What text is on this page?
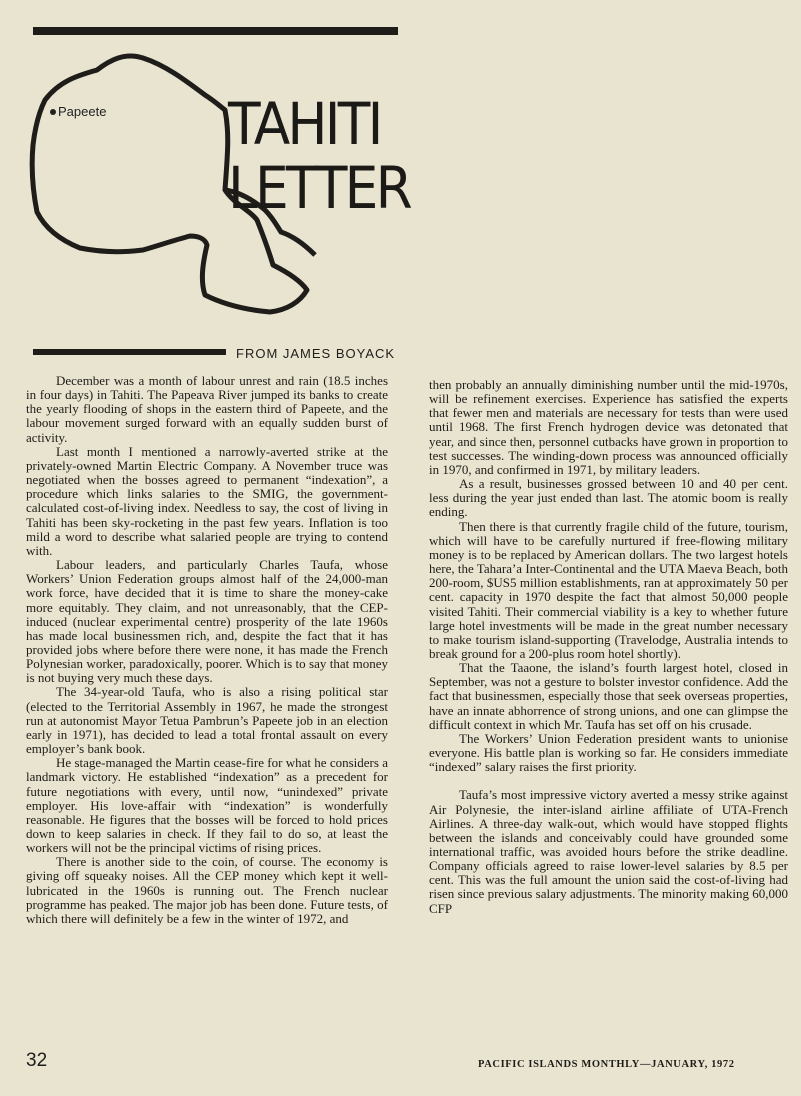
Papeete TAHITI
LETTER
FROM JAMES BOYACK

December was a month of labour unrest and rain (18.5 inches in four days) in Tahiti. The Papeava River jumped its banks to create the yearly flooding of shops in the eastern third of Papeete, and the labour movement surged forward with an equally sudden burst of activity.

Last month I mentioned a narrowly-averted strike at the privately-owned Martin Electric Company. A November truce was negotiated when the bosses agreed to permanent “indexation”, a procedure which links salaries to the SMIG, the government-calculated cost-of-living index. Needless to say, the cost of living in Tahiti has been sky-rocketing in the past few years. Inflation is too mild a word to describe what salaried people are trying to contend with.

Labour leaders, and particularly Charles Taufa, whose Workers’ Union Federation groups almost half of the 24,000-man work force, have decided that it is time to share the money-cake more equitably. They claim, and not unreasonably, that the CEP-induced (nuclear experimental centre) prosperity of the late 1960s has made local businessmen rich, and, despite the fact that it has provided jobs where before there were none, it has made the French Polynesian worker, paradoxically, poorer. Which is to say that money is not buying very much these days.

The 34-year-old Taufa, who is also a rising political star (elected to the Territorial Assembly in 1967, he made the strongest run at autonomist Mayor Tetua Pambrun’s Papeete job in an election early in 1971), has decided to lead a total frontal assault on every employer’s bank book.

He stage-managed the Martin cease-fire for what he considers a landmark victory. He established “indexation” as a precedent for future negotiations with every, until now, “unindexed” private employer. His love-affair with “indexation” is wonderfully reasonable. He figures that the bosses will be forced to hold prices down to keep salaries in check. If they fail to do so, at least the workers will not be the principal victims of rising prices.

There is another side to the coin, of course. The economy is giving off squeaky noises. All the CEP money which kept it well-lubricated in the 1960s is running out. The French nuclear programme has peaked. The major job has been done. Future tests, of which there will definitely be a few in the winter of 1972, and

then probably an annually diminishing number until the mid-1970s, will be refinement exercises. Experience has satisfied the experts that fewer men and materials are necessary for tests than were used until 1968. The first French hydrogen device was detonated that year, and since then, personnel cutbacks have grown in proportion to test successes. The winding-down process was announced officially in 1970, and confirmed in 1971, by military leaders.

As a result, businesses grossed between 10 and 40 per cent. less during the year just ended than last. The atomic boom is really ending.

Then there is that currently fragile child of the future, tourism, which will have to be carefully nurtured if free-flowing military money is to be replaced by American dollars. The two largest hotels here, the Tahara’a Inter-Continental and the UTA Maeva Beach, both 200-room, $US5 million establishments, ran at approximately 50 per cent. capacity in 1970 despite the fact that almost 50,000 people visited Tahiti. Their commercial viability is a key to whether future large hotel investments will be made in the great number necessary to make tourism island-supporting (Travelodge, Australia intends to break ground for a 200-plus room hotel shortly).

That the Taaone, the island’s fourth largest hotel, closed in September, was not a gesture to bolster investor confidence. Add the fact that businessmen, especially those that seek overseas properties, have an innate abhorrence of strong unions, and one can glimpse the difficult context in which Mr. Taufa has set off on his crusade.

The Workers’ Union Federation president wants to unionise everyone. His battle plan is working so far. He considers immediate “indexed” salary raises the first priority.

Taufa’s most impressive victory averted a messy strike against Air Polynesie, the inter-island airline affiliate of UTA-French Airlines. A three-day walk-out, which would have stopped flights between the islands and conceivably could have grounded some international traffic, was avoided hours before the strike deadline. Company officials agreed to raise lower-level salaries by 8.5 per cent. This was the full amount the union said the cost-of-living had risen since previous salary adjustments. The minority making 60,000 CFP

32	PACIFIC ISLANDS MONTHLY—JANUARY, 1972
